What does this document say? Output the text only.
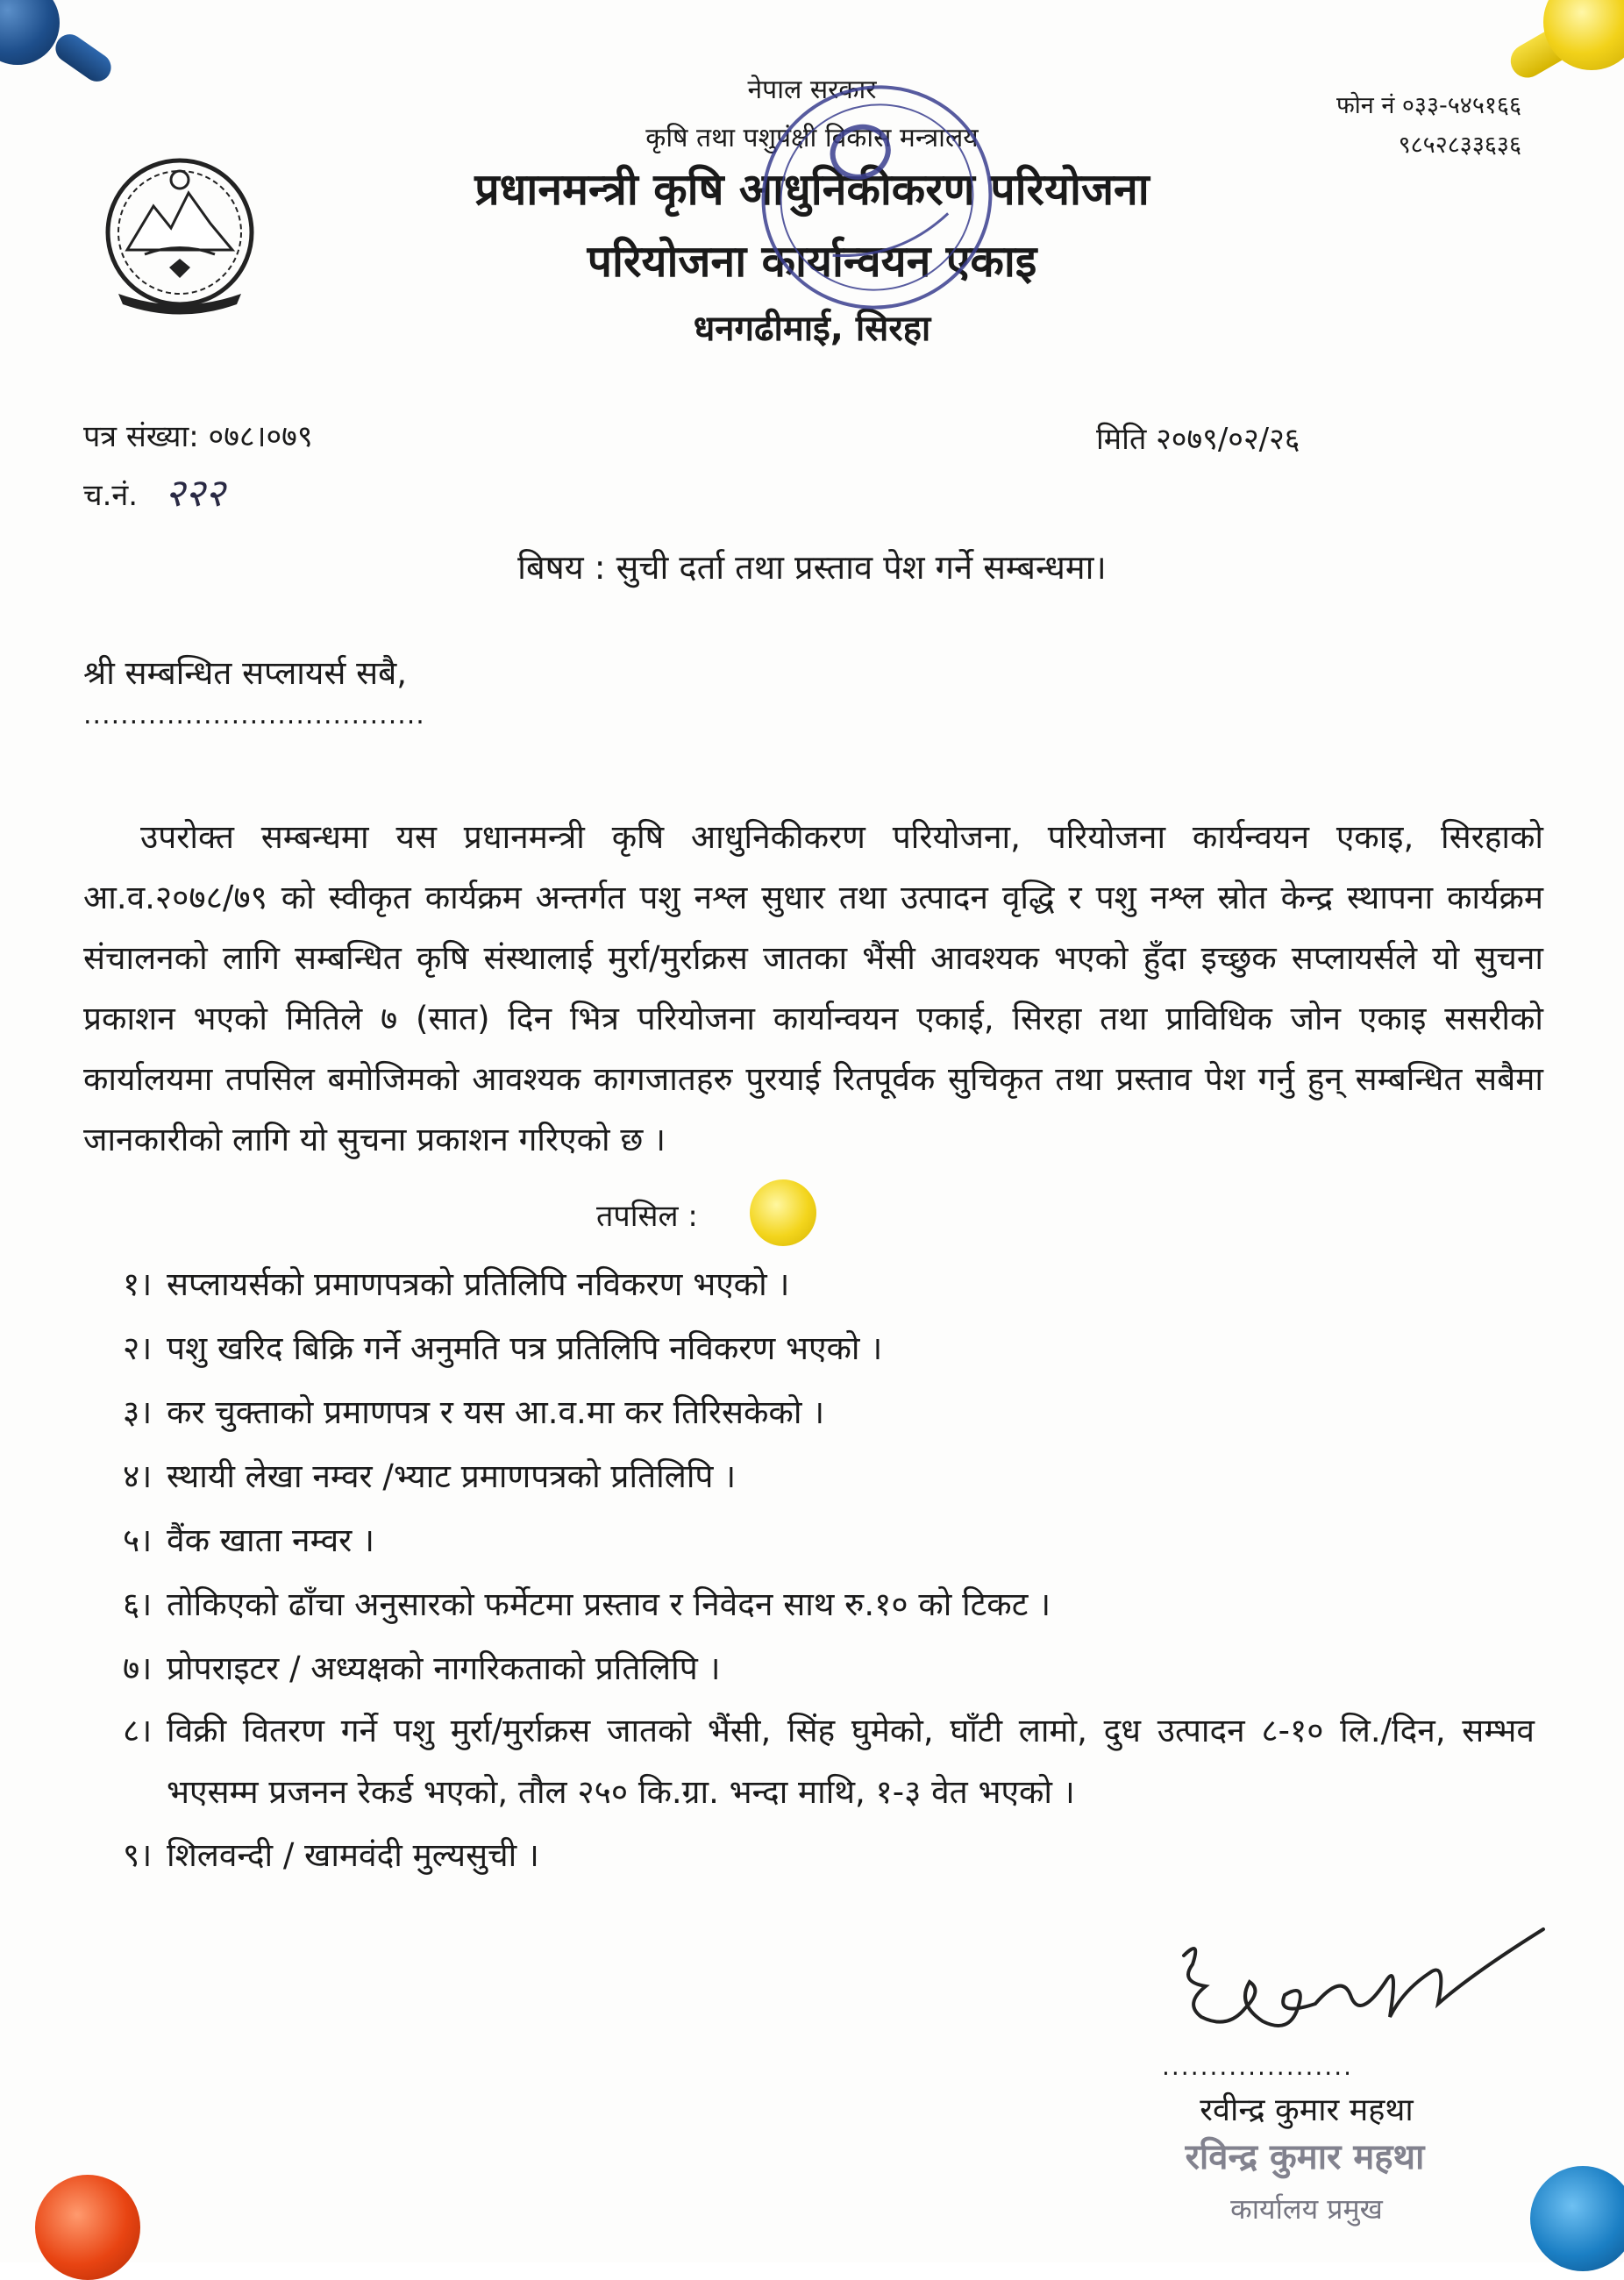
नेपाल सरकार
कृषि तथा पशुपंक्षी विकास मन्त्रालय
प्रधानमन्त्री कृषि आधुनिकीकरण परियोजना
परियोजना कार्यान्वयन एकाइ
धनगढीमाई, सिरहा
फोन नं ०३३-५४५१६६
९८५२८३३६३६
पत्र संख्या: ०७८।०७९
च.नं. २२२
मिति २०७९/०२/२६
बिषय : सुची दर्ता तथा प्रस्ताव पेश गर्ने सम्बन्धमा।
श्री सम्बन्धित सप्लायर्स सबै,
.....................................
उपरोक्त सम्बन्धमा यस प्रधानमन्त्री कृषि आधुनिकीकरण परियोजना, परियोजना कार्यन्वयन एकाइ, सिरहाको आ.व.२०७८/७९ को स्वीकृत कार्यक्रम अन्तर्गत पशु नश्ल सुधार तथा उत्पादन वृद्धि र पशु नश्ल स्रोत केन्द्र स्थापना कार्यक्रम संचालनको लागि सम्बन्धित कृषि संस्थालाई मुर्रा/मुर्राक्रस जातका भैंसी आवश्यक भएको हुँदा इच्छुक सप्लायर्सले यो सुचना प्रकाशन भएको मितिले ७ (सात) दिन भित्र परियोजना कार्यान्वयन एकाई, सिरहा तथा प्राविधिक जोन एकाइ ससरीको कार्यालयमा तपसिल बमोजिमको आवश्यक कागजातहरु पुरयाई रितपूर्वक सुचिकृत तथा प्रस्ताव पेश गर्नु हुन् सम्बन्धित सबैमा जानकारीको लागि यो सुचना प्रकाशन गरिएको छ ।
तपसिल :
१। सप्लायर्सको प्रमाणपत्रको प्रतिलिपि नविकरण भएको ।
२। पशु खरिद बिक्रि गर्ने अनुमति पत्र प्रतिलिपि नविकरण भएको ।
३। कर चुक्ताको प्रमाणपत्र र यस आ.व.मा कर तिरिसकेको ।
४। स्थायी लेखा नम्वर /भ्याट प्रमाणपत्रको प्रतिलिपि ।
५। वैंक खाता नम्वर ।
६। तोकिएको ढाँचा अनुसारको फर्मेटमा प्रस्ताव र निवेदन साथ रु.१० को टिकट ।
७। प्रोपराइटर / अध्यक्षको नागरिकताको प्रतिलिपि ।
८। विक्री वितरण गर्ने पशु मुर्रा/मुर्राक्रस जातको भैंसी, सिंह घुमेको, घाँटी लामो, दुध उत्पादन ८-१० लि./दिन, सम्भव भएसम्म प्रजनन रेकर्ड भएको, तौल २५० कि.ग्रा. भन्दा माथि, १-३ वेत भएको ।
९। शिलवन्दी / खामवंदी मुल्यसुची ।
....................
रवीन्द्र कुमार महथा
रविन्द्र कुमार महथा
कार्यालय प्रमुख
